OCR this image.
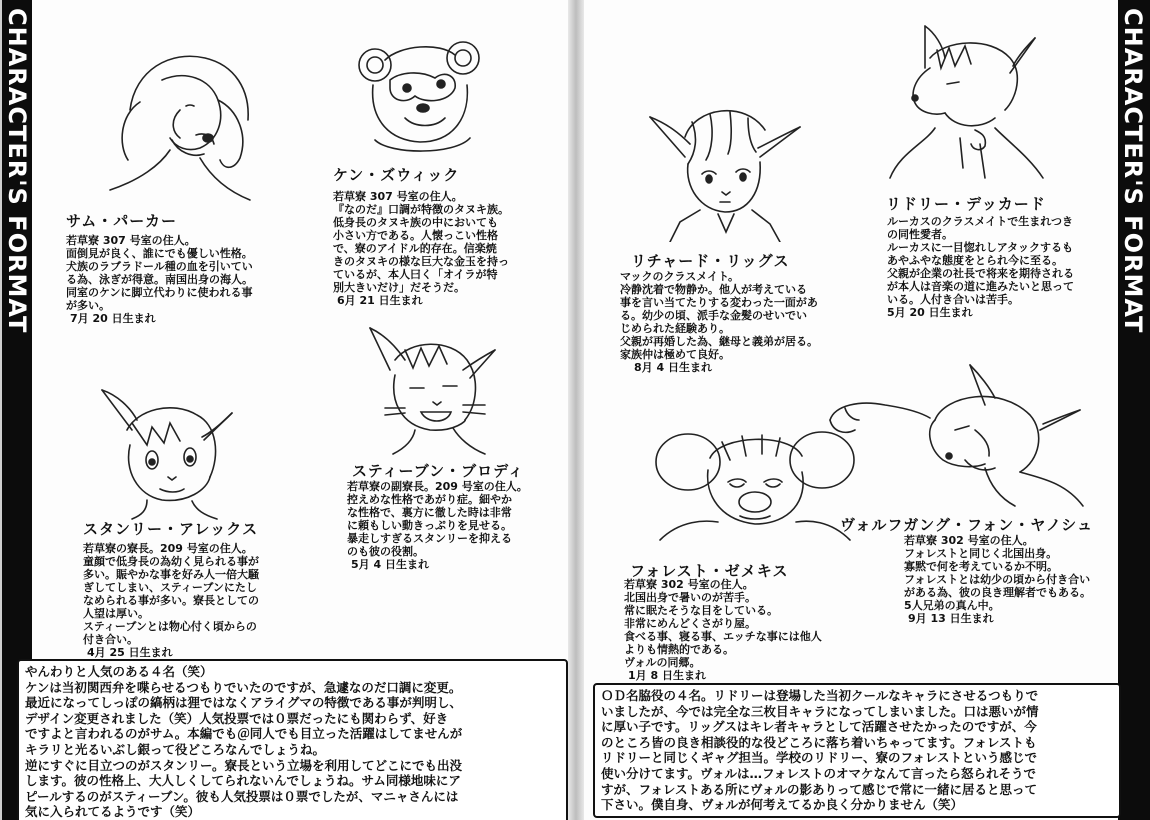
CHARACTER'S FORMAT	CHARACTER'S FORMAT
サム・パーカー
若草寮 307 号室の住人。
面倒見が良く、誰にでも優しい性格。
犬族のラブラドール種の血を引いてい
る為、泳ぎが得意。南国出身の海人。
同室のケンに脚立代わりに使われる事
が多い。
7月 20 日生まれ
ケン・ズウィック
若草寮 307 号室の住人。
『なのだ』口調が特徴のタヌキ族。
低身長のタヌキ族の中においても
小さい方である。人懐っこい性格
で、寮のアイドル的存在。信楽焼
きのタヌキの様な巨大な金玉を持っ
ているが、本人曰く「オイラが特
別大きいだけ」だそうだ。
6月 21 日生まれ
スタンリー・アレックス
若草寮の寮長。209 号室の住人。
童顔で低身長の為幼く見られる事が
多い。賑やかな事を好み人一倍大騒
ぎしてしまい、スティーブンにたし
なめられる事が多い。寮長としての
人望は厚い。
スティーブンとは物心付く頃からの
付き合い。
4月 25 日生まれ
スティーブン・ブロディ
若草寮の副寮長。209 号室の住人。
控えめな性格であがり症。細やか
な性格で、裏方に徹した時は非常
に頼もしい動きっぷりを見せる。
暴走しすぎるスタンリーを抑える
のも彼の役割。
5月 4 日生まれ
やんわりと人気のある４名（笑）
ケンは当初関西弁を喋らせるつもりでいたのですが、急遽なのだ口調に変更。
最近になってしっぽの縞柄は狸ではなくアライグマの特徴である事が判明し、
デザイン変更されました（笑）人気投票では０票だったにも関わらず、好き
ですよと言われるのがサム。本編でも＠同人でも目立った活躍はしてませんが
キラリと光るいぶし銀って役どころなんでしょうね。
逆にすぐに目立つのがスタンリー。寮長という立場を利用してどこにでも出没
します。彼の性格上、大人しくしてられないんでしょうね。サム同様地味にア
ピールするのがスティーブン。彼も人気投票は０票でしたが、マニャさんには
気に入られてるようです（笑）
リチャード・リッグス
マックのクラスメイト。
冷静沈着で物静か。他人が考えている
事を言い当てたりする変わった一面があ
る。幼少の頃、派手な金髪のせいでい
じめられた経験あり。
父親が再婚した為、継母と義弟が居る。
家族仲は極めて良好。
8月 4 日生まれ
リドリー・デッカード
ルーカスのクラスメイトで生まれつき
の同性愛者。
ルーカスに一目惚れしアタックするも
あやふやな態度をとられ今に至る。
父親が企業の社長で将来を期待される
が本人は音楽の道に進みたいと思って
いる。人付き合いは苦手。
5月 20 日生まれ
フォレスト・ゼメキス
若草寮 302 号室の住人。
北国出身で暑いのが苦手。
常に眠たそうな目をしている。
非常にめんどくさがり屋。
食べる事、寝る事、エッチな事には他人
よりも情熱的である。
ヴォルの同郷。
1月 8 日生まれ
ヴォルフガング・フォン・ヤノシュ
若草寮 302 号室の住人。
フォレストと同じく北国出身。
寡黙で何を考えているか不明。
フォレストとは幼少の頃から付き合い
がある為、彼の良き理解者でもある。
5人兄弟の真ん中。
9月 13 日生まれ
ＯＤ名脇役の４名。リドリーは登場した当初クールなキャラにさせるつもりで
いましたが、今では完全な三枚目キャラになってしまいました。口は悪いが情
に厚い子です。リッグスはキレ者キャラとして活躍させたかったのですが、今
のところ皆の良き相談役的な役どころに落ち着いちゃってます。フォレストも
リドリーと同じくギャグ担当。学校のリドリー、寮のフォレストという感じで
使い分けてます。ヴォルは…フォレストのオマケなんて言ったら怒られそうで
すが、フォレストある所にヴォルの影ありって感じで常に一緒に居ると思って
下さい。僕自身、ヴォルが何考えてるか良く分かりません（笑）
